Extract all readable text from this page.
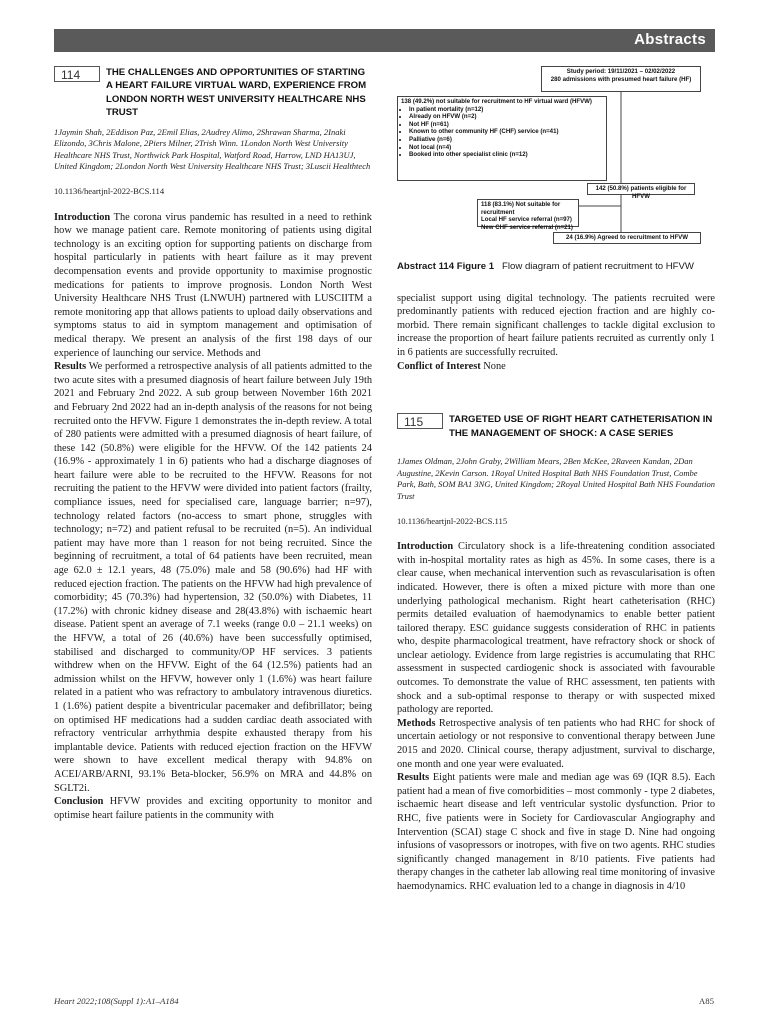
Abstracts
114	THE CHALLENGES AND OPPORTUNITIES OF STARTING A HEART FAILURE VIRTUAL WARD, EXPERIENCE FROM LONDON NORTH WEST UNIVERSITY HEALTHCARE NHS TRUST
1Jaymin Shah, 2Eddison Paz, 2Emil Elias, 2Audrey Alimo, 2Shrawan Sharma, 2Inaki Elizondo, 3Chris Malone, 2Piers Milner, 2Trish Winn. 1London North West University Healthcare NHS Trust, Northwick Park Hospital, Watford Road, Harrow, LND HA13UJ, United Kingdom; 2London North West University Healthcare NHS Trust; 3Luscii Healthtech
10.1136/heartjnl-2022-BCS.114

Introduction The corona virus pandemic has resulted in a need to rethink how we manage patient care. Remote monitoring of patients using digital technology is an exciting option for supporting patients on discharge from hospital particularly in patients with heart failure as it may prevent decompensation events and provide opportunity to maximise prognostic medications for patients to improve prognosis. London North West University Healthcare NHS Trust (LNWUH) partnered with LUSCIITM a remote monitoring app that allows patients to upload daily observations and symptoms status to aid in symptom management and optimisation of medical therapy. We present an analysis of the first 198 days of our experience of launching our service. Methods and

Results We performed a retrospective analysis of all patients admitted to the two acute sites with a presumed diagnosis of heart failure between July 19th 2021 and February 2nd 2022. A sub group between November 16th 2021 and February 2nd 2022 had an in-depth analysis of the reasons for not being recruited onto the HFVW. Figure 1 demonstrates the in-depth review. A total of 280 patients were admitted with a presumed diagnosis of heart failure, of these 142 (50.8%) were eligible for the HFVW. Of the 142 patients 24 (16.9% - approximately 1 in 6) patients who had a discharge diagnoses of heart failure were able to be recruited to the HFVW. Reasons for not recruiting the patient to the HFVW were divided into patient factors (frailty, compliance issues, need for specialised care, language barrier; n=97), technology related factors (no-access to smart phone, struggles with technology; n=72) and patient refusal to be recruited (n=5). An individual patient may have more than 1 reason for not being recruited. Since the beginning of recruitment, a total of 64 patients have been recruited, mean age 62.0 ± 12.1 years, 48 (75.0%) male and 58 (90.6%) had HF with reduced ejection fraction. The patients on the HFVW had high prevalence of comorbidity; 45 (70.3%) had hypertension, 32 (50.0%) with Diabetes, 11 (17.2%) with chronic kidney disease and 28(43.8%) with ischaemic heart disease. Patient spent an average of 7.1 weeks (range 0.0 – 21.1 weeks) on the HFVW, a total of 26 (40.6%) have been successfully optimised, stabilised and discharged to community/OP HF services. 3 patients withdrew when on the HFVW. Eight of the 64 (12.5%) patients had an admission whilst on the HFVW, however only 1 (1.6%) was heart failure related in a patient who was refractory to ambulatory intravenous diuretics. 1 (1.6%) patient despite a biventricular pacemaker and defibrillator; being on optimised HF medications had a sudden cardiac death associated with refractory ventricular arrhythmia despite exhausted therapy from his implantable device. Patients with reduced ejection fraction on the HFVW were shown to have excellent medical therapy with 94.8% on ACEI/ARB/ARNI, 93.1% Beta-blocker, 56.9% on MRA and 44.8% on SGLT2i.

Conclusion HFVW provides and exciting opportunity to monitor and optimise heart failure patients in the community with

Study period: 19/11/2021 – 02/02/2022
280 admissions with presumed heart failure (HF)
138 (49.2%) not suitable for recruitment to HF virtual ward (HFVW)
• In patient mortality (n=12)
• Already on HFVW (n=2)
• Not HF (n=61)
• Known to other community HF (CHF) service (n=41)
• Palliative (n=6)
• Not local (n=4)
• Booked into other specialist clinic (n=12)
142 (50.8%) patients eligible for HFVW
118 (83.1%) Not suitable for recruitment
Local HF service referral (n=97)
New CHF service referral (n=21)
24 (16.9%) Agreed to recruitment to HFVW
Abstract 114 Figure 1 Flow diagram of patient recruitment to HFVW

specialist support using digital technology. The patients recruited were predominantly patients with reduced ejection fraction and are highly co-morbid. There remain significant challenges to tackle digital exclusion to increase the proportion of heart failure patients recruited as currently only 1 in 6 patients are successfully recruited.

Conflict of Interest None

115	TARGETED USE OF RIGHT HEART CATHETERISATION IN THE MANAGEMENT OF SHOCK: A CASE SERIES
1James Oldman, 2John Graby, 2William Mears, 2Ben McKee, 2Raveen Kandan, 2Dan Augustine, 2Kevin Carson. 1Royal United Hospital Bath NHS Foundation Trust, Combe Park, Bath, SOM BA1 3NG, United Kingdom; 2Royal United Hospital Bath NHS Foundation Trust
10.1136/heartjnl-2022-BCS.115

Introduction Circulatory shock is a life-threatening condition associated with in-hospital mortality rates as high as 45%. In some cases, there is a clear cause, when mechanical intervention such as revascularisation is often indicated. However, there is often a mixed picture with more than one underlying pathological mechanism. Right heart catheterisation (RHC) permits detailed evaluation of haemodynamics to enable better patient tailored therapy. ESC guidance suggests consideration of RHC in patients who, despite pharmacological treatment, have refractory shock or shock of unclear aetiology. Evidence from large registries is accumulating that RHC assessment in suspected cardiogenic shock is associated with favourable outcomes. To demonstrate the value of RHC assessment, ten patients with shock and a sub-optimal response to therapy or with suspected mixed pathology are reported.

Methods Retrospective analysis of ten patients who had RHC for shock of uncertain aetiology or not responsive to conventional therapy between June 2015 and 2020. Clinical course, therapy adjustment, survival to discharge, one month and one year were evaluated.

Results Eight patients were male and median age was 69 (IQR 8.5). Each patient had a mean of five comorbidities – most commonly - type 2 diabetes, ischaemic heart disease and left ventricular systolic dysfunction. Prior to RHC, five patients were in Society for Cardiovascular Angiography and Intervention (SCAI) stage C shock and five in stage D. Nine had ongoing infusions of vasopressors or inotropes, with five on two agents. RHC studies significantly changed management in 8/10 patients. Five patients had therapy changes in the catheter lab allowing real time monitoring of invasive haemodynamics. RHC evaluation led to a change in diagnosis in 4/10

Heart 2022;108(Suppl 1):A1–A184	A85
